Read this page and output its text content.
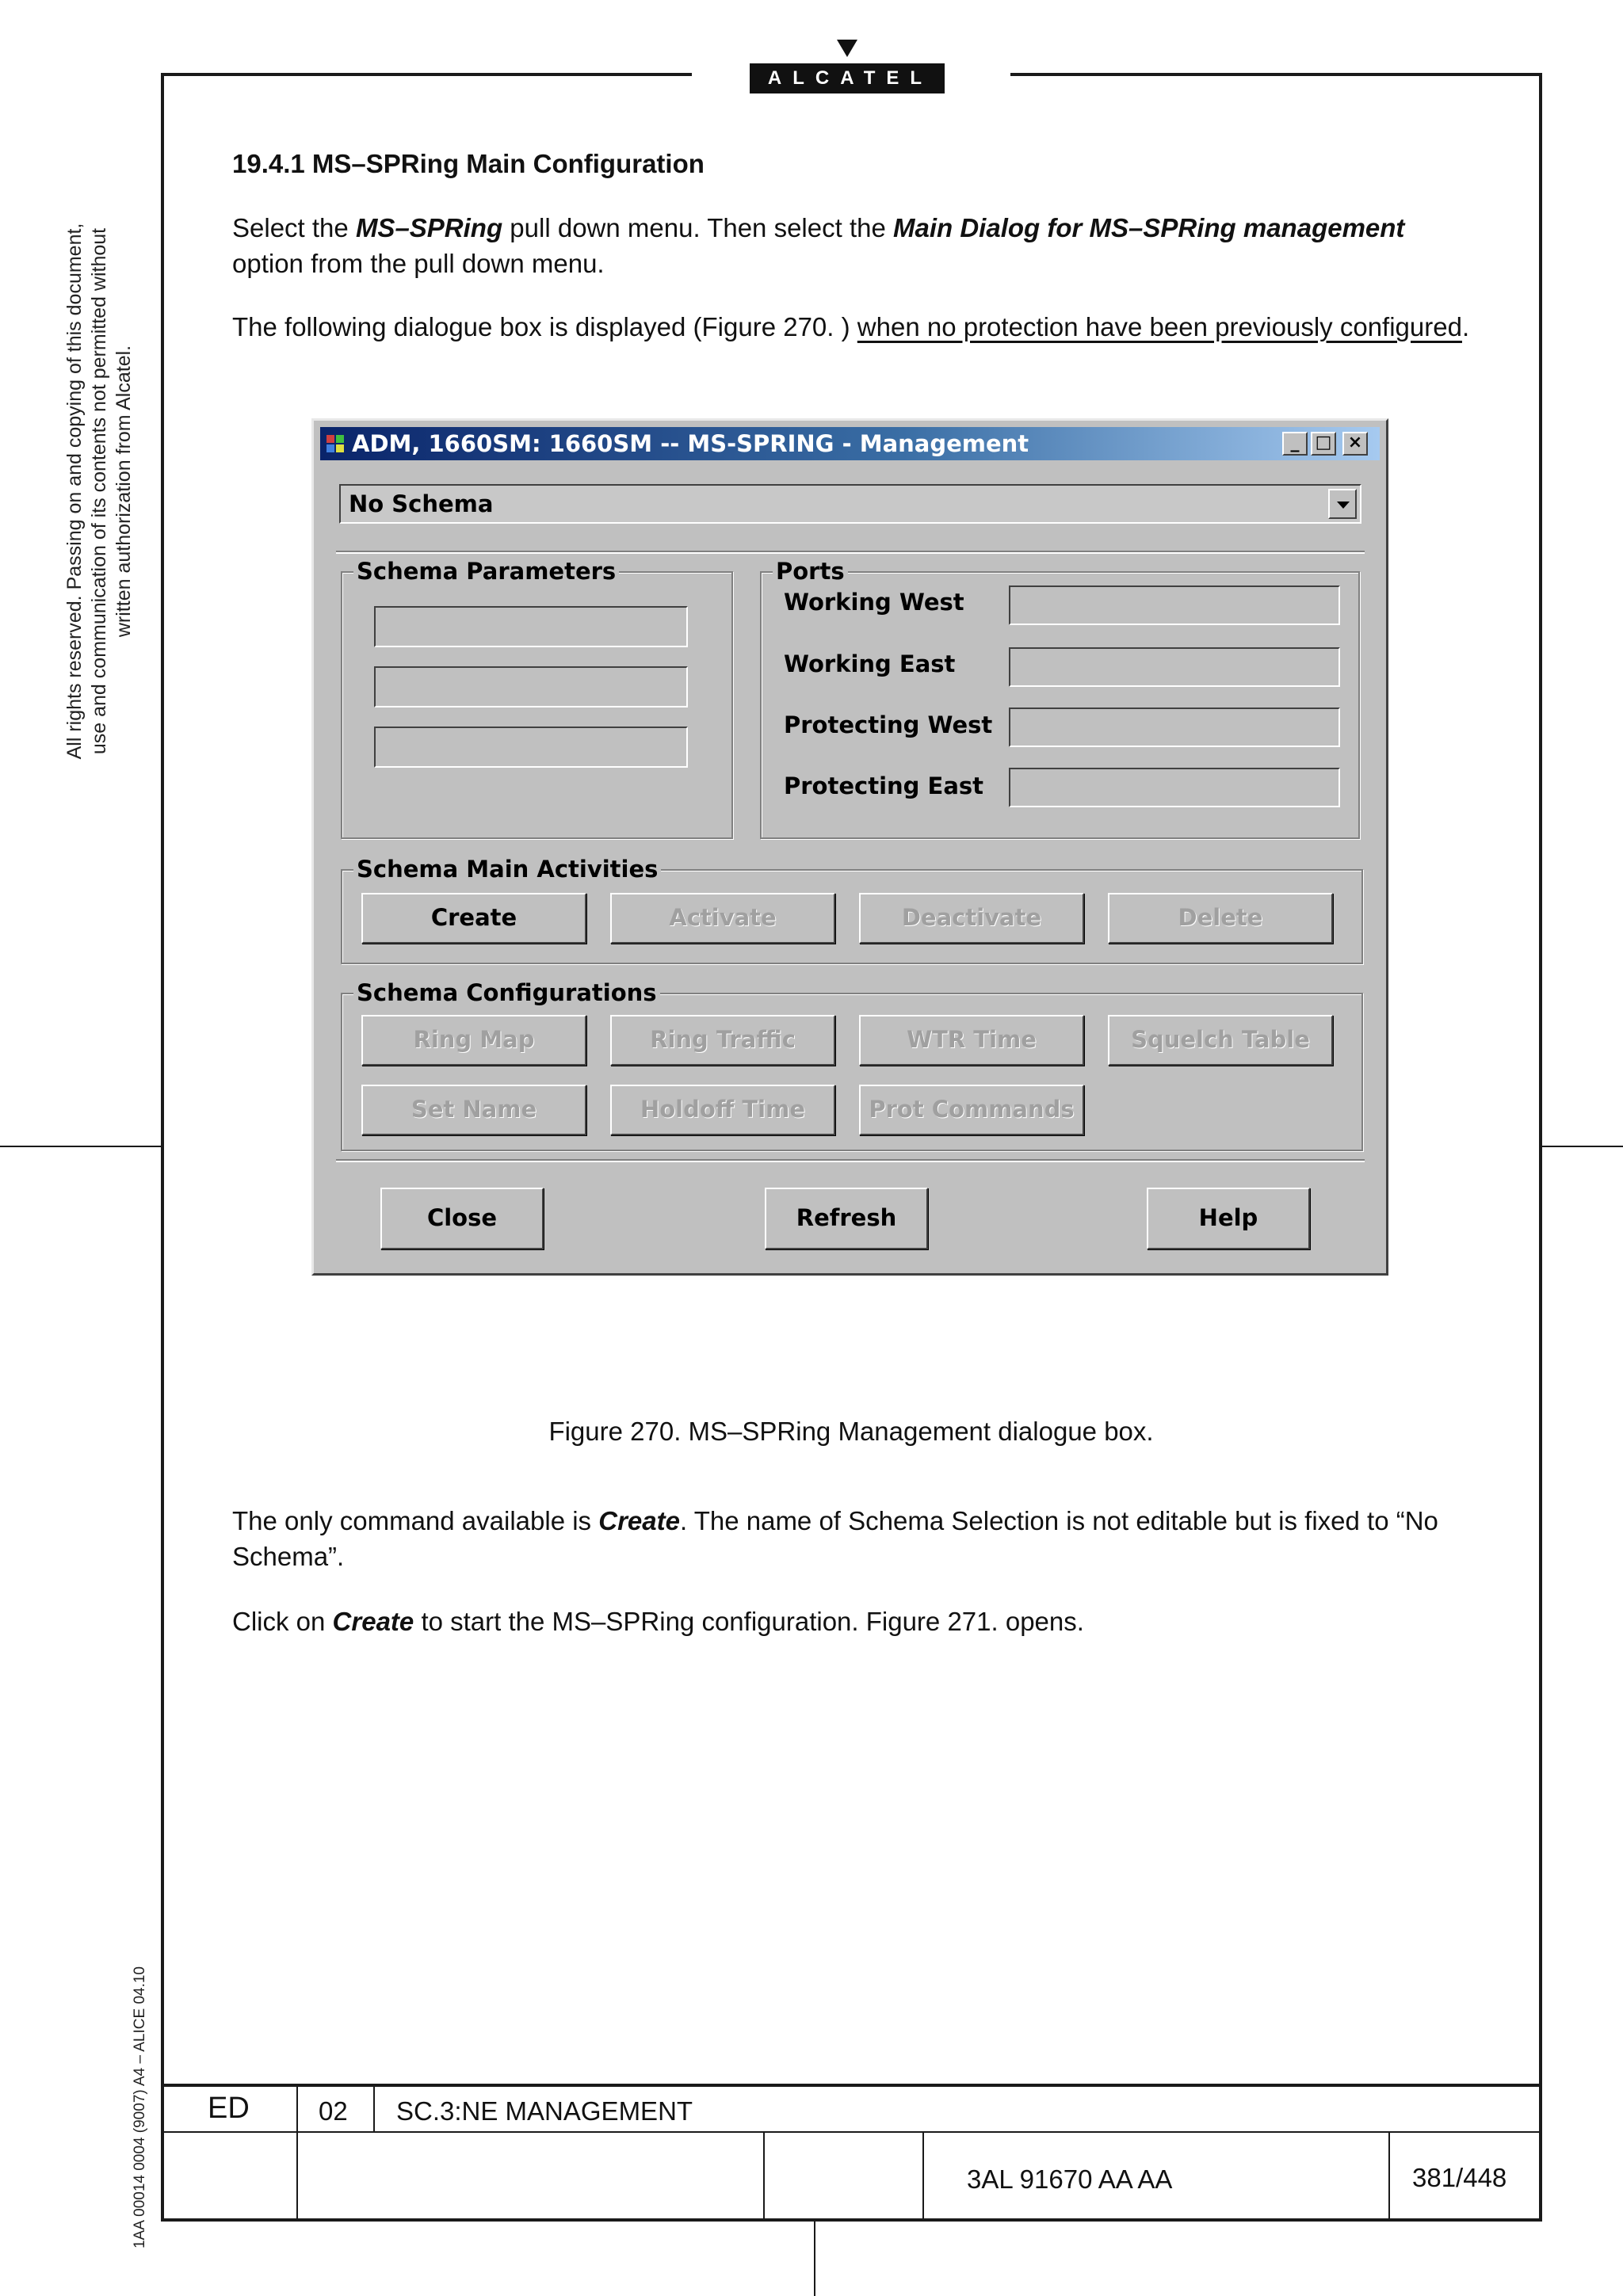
ALCATEL
All rights reserved. Passing on and copying of this document, use and communication of its contents not permitted without written authorization from Alcatel.
1AA 00014 0004 (9007) A4 – ALICE 04.10
19.4.1 MS–SPRing Main Configuration
Select the MS–SPRing pull down menu. Then select the Main Dialog for MS–SPRing management option from the pull down menu.
The following dialogue box is displayed (Figure 270. ) when no protection have been previously configured.
ADM, 1660SM: 1660SM -- MS-SPRING - Management	_ □ ×
No Schema
Schema Parameters	Ports
Working West
Working East
Protecting West
Protecting East
Schema Main Activities
Create	Activate	Deactivate	Delete
Schema Configurations
Ring Map	Ring Traffic	WTR Time	Squelch Table
Set Name	Holdoff Time	Prot Commands
Close	Refresh	Help
Figure 270. MS–SPRing Management dialogue box.
The only command available is Create. The name of Schema Selection is not editable but is fixed to “No Schema”.
Click on Create to start the MS–SPRing configuration. Figure 271. opens.
ED	02 SC.3:NE MANAGEMENT
3AL 91670 AA AA	381/448
